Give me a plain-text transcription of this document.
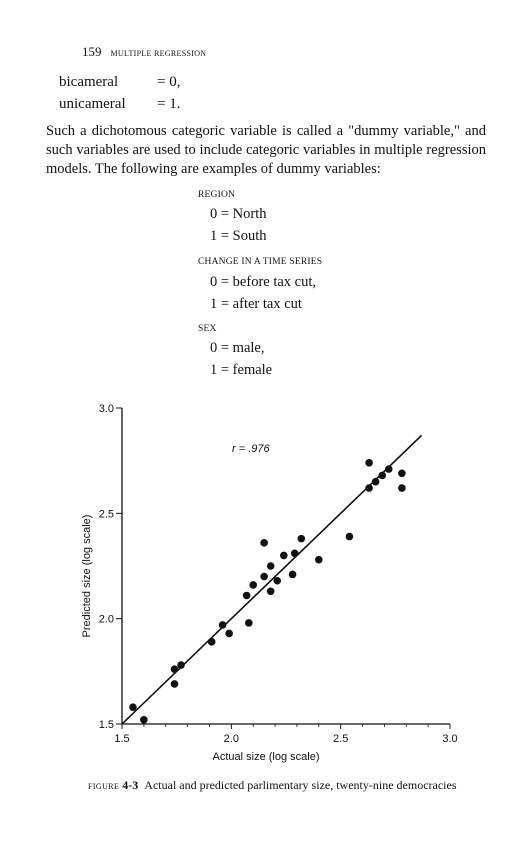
159 MULTIPLE REGRESSION
bicameral	= 0,
unicameral = 1.
Such a dichotomous categoric variable is called a "dummy variable," and such variables are used to include categoric variables in multiple regression models. The following are examples of dummy variables:
REGION
0 = North
1 = South
CHANGE IN A TIME SERIES
0 = before tax cut,
1 = after tax cut
SEX
0 = male,
1 = female
1.5	2.0	2.5	3.0
1.5
2.0
2.5
3.0
r = .976
Actual size (log scale)
Predicted size (log scale)
FIGURE 4-3 Actual and predicted parlimentary size, twenty-nine democracies
